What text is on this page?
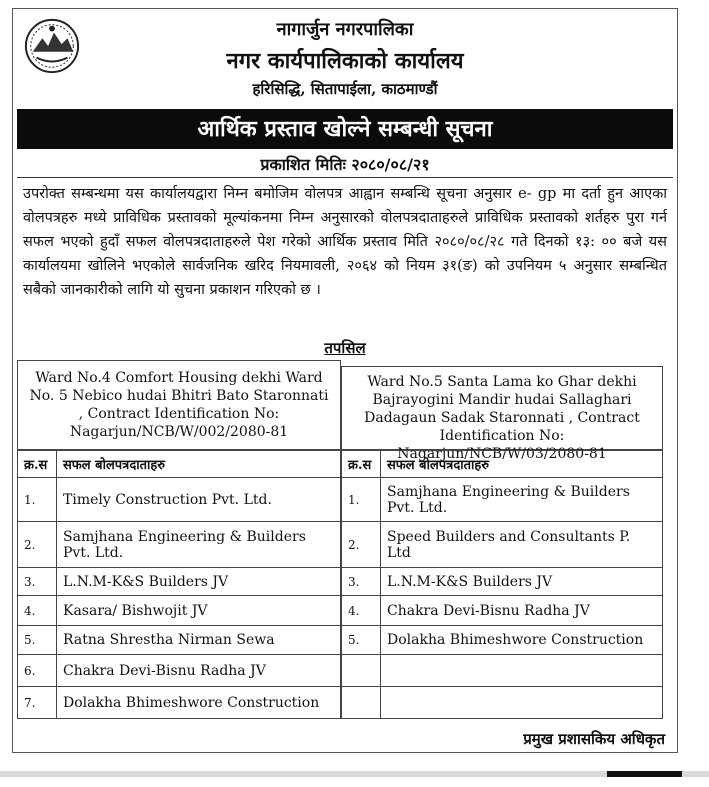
नागार्जुन नगरपालिका
नगर कार्यपालिकाको कार्यालय
हरिसिद्धि, सितापाईला, काठमाण्डौं
आर्थिक प्रस्ताव खोल्ने सम्बन्धी सूचना
प्रकाशित मितिः २०८०/०८/२१
उपरोक्त सम्बन्धमा यस कार्यालयद्वारा निम्न बमोजिम वोलपत्र आह्वान सम्बन्धि सूचना अनुसार e- gp मा दर्ता हुन आएका वोलपत्रहरु मध्ये प्राविधिक प्रस्तावको मूल्यांकनमा निम्न अनुसारको वोलपत्रदाताहरुले प्राविधिक प्रस्तावको शर्तहरु पुरा गर्न सफल भएको हुदाँ सफल वोलपत्रदाताहरुले पेश गरेको आर्थिक प्रस्ताव मिति २०८०/०८/२८ गते दिनको १३: ०० बजे यस कार्यालयमा खोलिने भएकोले सार्वजनिक खरिद नियमावली, २०६४ को नियम ३१(ङ) को उपनियम ५ अनुसार सम्बन्धित सबैको जानकारीको लागि यो सुचना प्रकाशन गरिएको छ ।
तपसिल
Ward No.4 Comfort Housing dekhi Ward No. 5 Nebico hudai Bhitri Bato Staronnati , Contract Identification No: Nagarjun/NCB/W/002/2080-81
क्र.स	सफल बोलपत्रदाताहरु
1.	Timely Construction Pvt. Ltd.
2.	Samjhana Engineering & Builders Pvt. Ltd.
3.	L.N.M-K&S Builders JV
4.	Kasara/ Bishwojit JV
5.	Ratna Shrestha Nirman Sewa
6.	Chakra Devi-Bisnu Radha JV
7.	Dolakha Bhimeshwore Construction
Ward No.5 Santa Lama ko Ghar dekhi Bajrayogini Mandir hudai Sallaghari Dadagaun Sadak Staronnati , Contract Identification No: Nagarjun/NCB/W/03/2080-81
क्र.स	सफल बोलपत्रदाताहरु
1.	Samjhana Engineering & Builders Pvt. Ltd.
2.	Speed Builders and Consultants P. Ltd
3.	L.N.M-K&S Builders JV
4.	Chakra Devi-Bisnu Radha JV
5.	Dolakha Bhimeshwore Construction

प्रमुख प्रशासकिय अधिकृत
